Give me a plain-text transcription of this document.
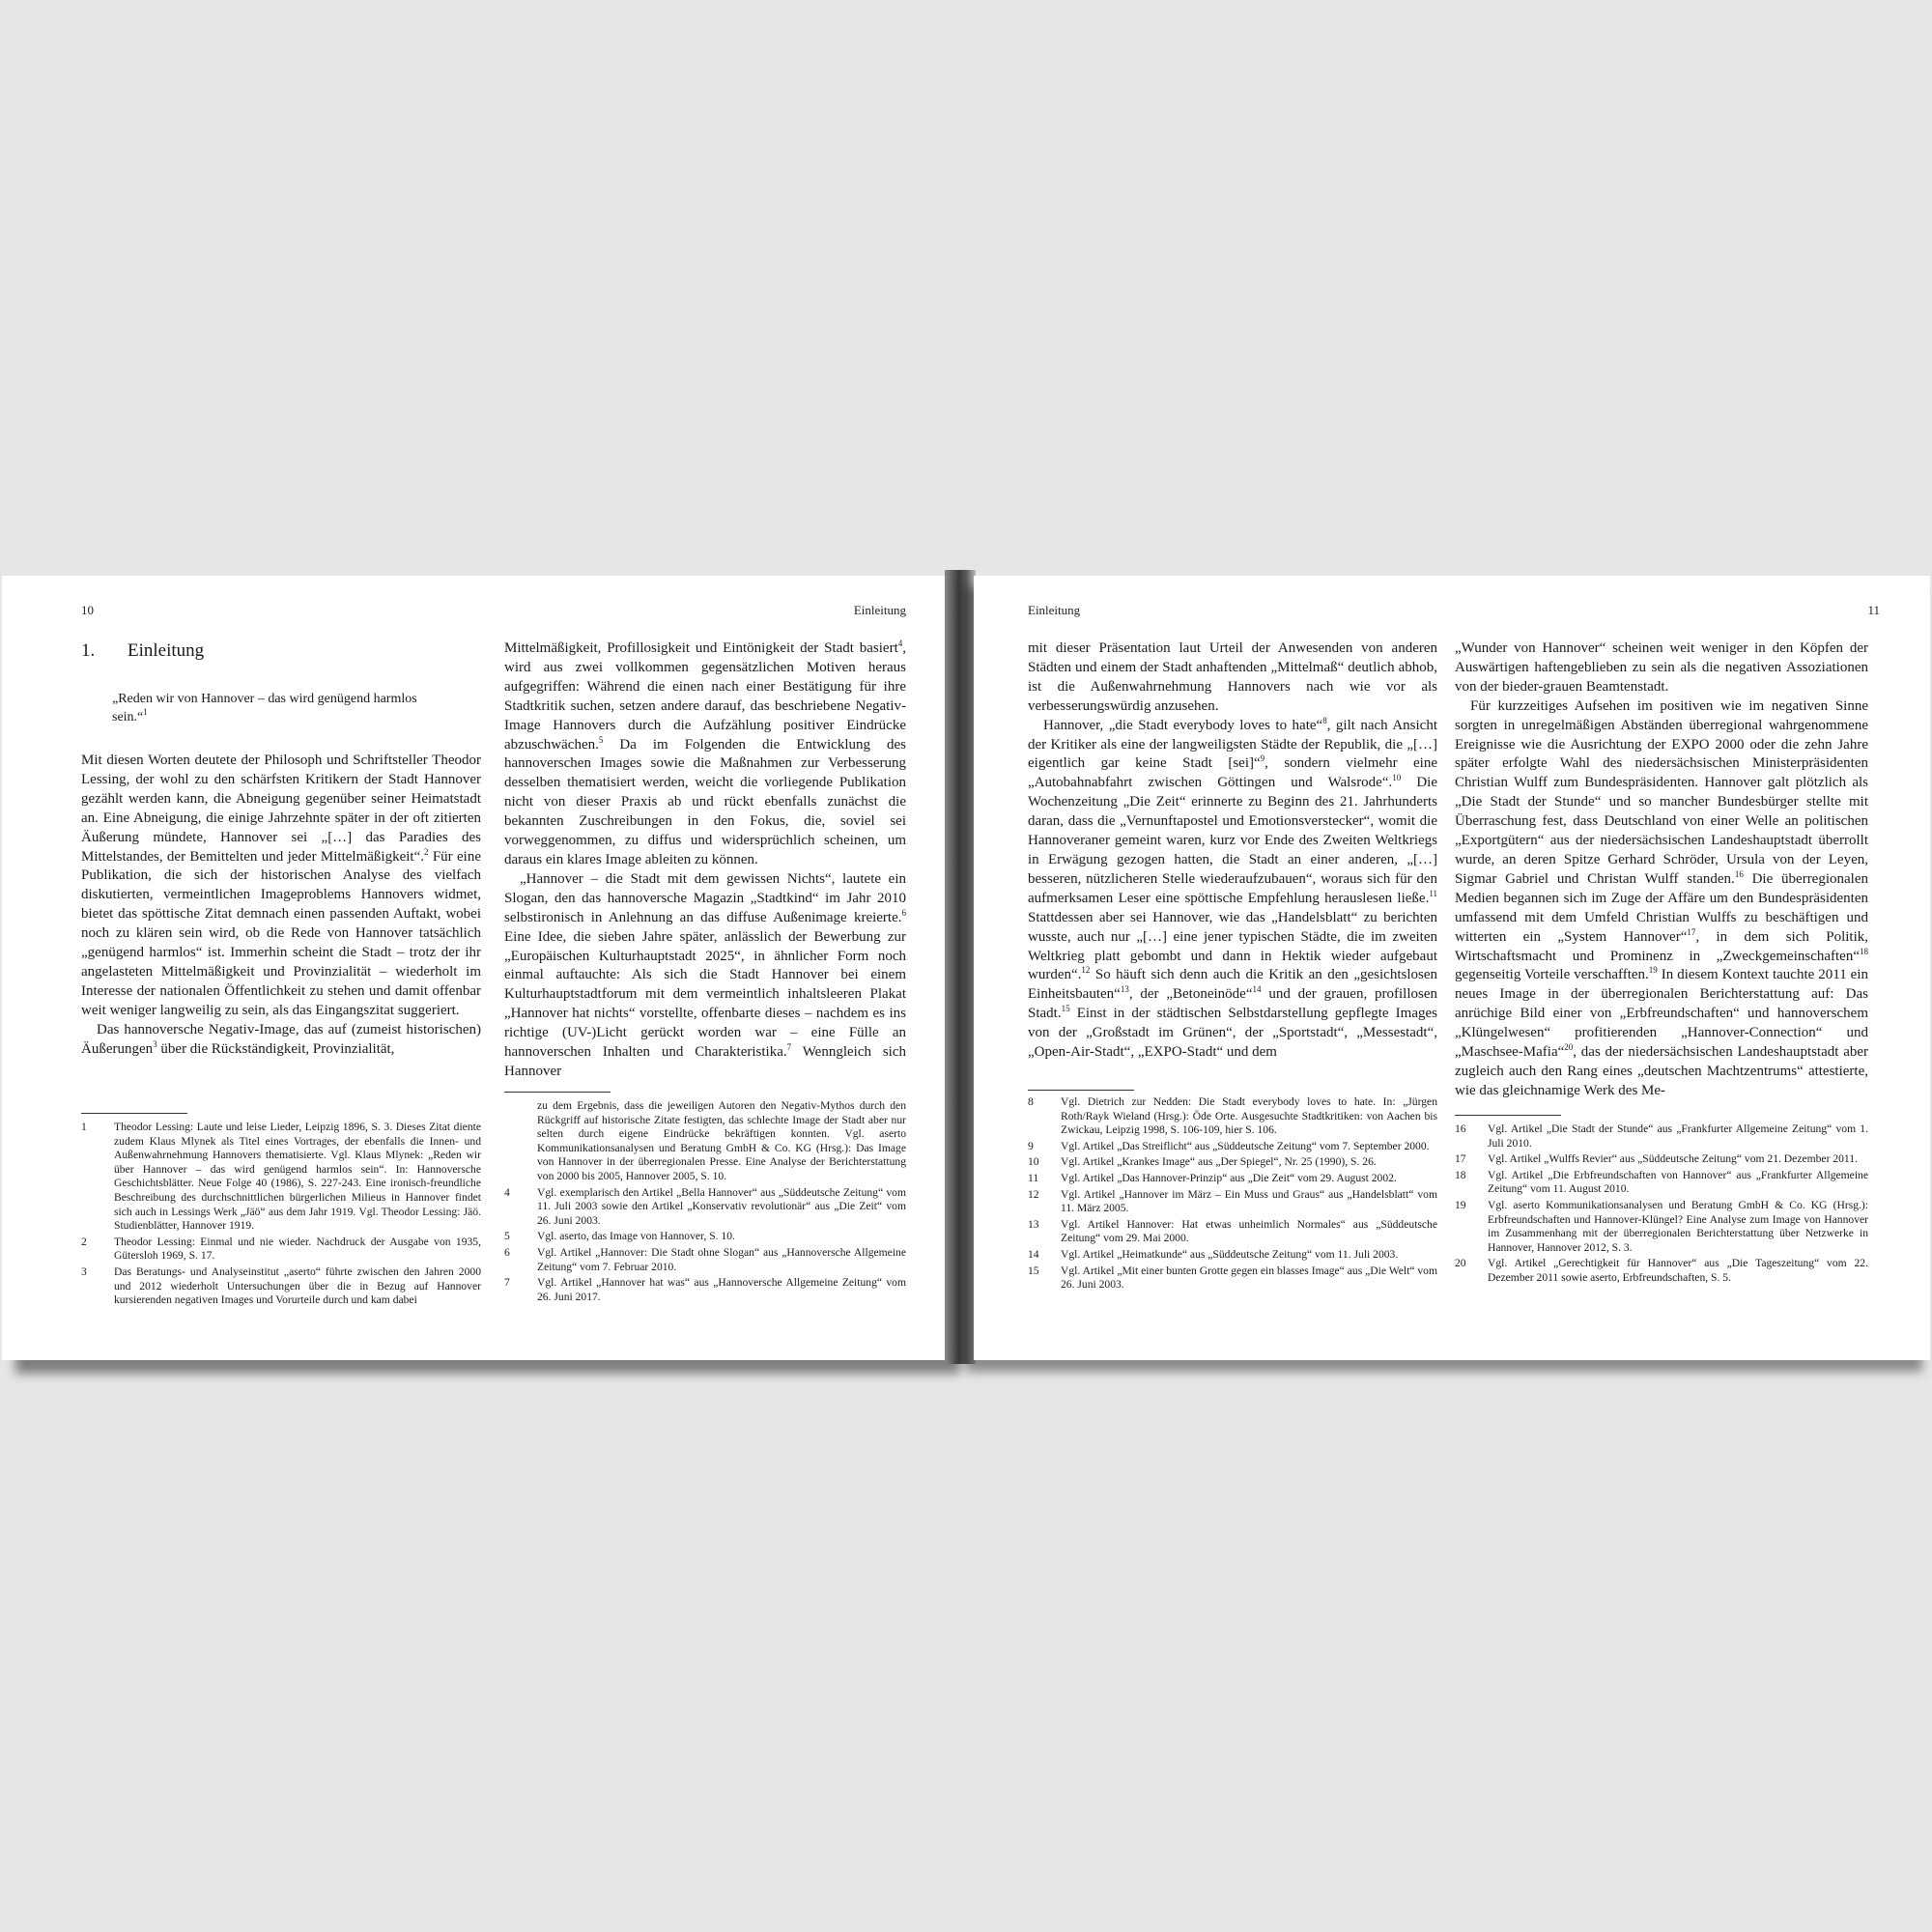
10	Einleitung
1. Einleitung
„Reden wir von Hannover – das wird genügend harmlos sein.“$^1$

Mit diesen Worten deutete der Philosoph und Schriftsteller Theodor Lessing, der wohl zu den schärfsten Kritikern der Stadt Hannover gezählt werden kann, die Abneigung gegenüber seiner Heimatstadt an. Eine Abneigung, die einige Jahrzehnte später in der oft zitierten Äußerung mündete, Hannover sei „[…] das Paradies des Mittelstandes, der Bemittelten und jeder Mittelmäßigkeit“.$^2$ Für eine Publikation, die sich der historischen Analyse des vielfach diskutierten, vermeintlichen Imageproblems Hannovers widmet, bietet das spöttische Zitat demnach einen passenden Auftakt, wobei noch zu klären sein wird, ob die Rede von Hannover tatsächlich „genügend harmlos“ ist. Immerhin scheint die Stadt – trotz der ihr angelasteten Mittelmäßigkeit und Provinzialität – wiederholt im Interesse der nationalen Öffentlichkeit zu stehen und damit offenbar weit weniger langweilig zu sein, als das Eingangszitat suggeriert.

Das hannoversche Negativ-Image, das auf (zumeist historischen) Äußerungen$^3$ über die Rückständigkeit, Provinzialität,

Mittelmäßigkeit, Profillosigkeit und Eintönigkeit der Stadt basiert$^4$, wird aus zwei vollkommen gegensätzlichen Motiven heraus aufgegriffen: Während die einen nach einer Bestätigung für ihre Stadtkritik suchen, setzen andere darauf, das beschriebene Negativ-Image Hannovers durch die Aufzählung positiver Eindrücke abzuschwächen.$^5$ Da im Folgenden die Entwicklung des hannoverschen Images sowie die Maßnahmen zur Verbesserung desselben thematisiert werden, weicht die vorliegende Publikation nicht von dieser Praxis ab und rückt ebenfalls zunächst die bekannten Zuschreibungen in den Fokus, die, soviel sei vorweggenommen, zu diffus und widersprüchlich scheinen, um daraus ein klares Image ableiten zu können.

„Hannover – die Stadt mit dem gewissen Nichts“, lautete ein Slogan, den das hannoversche Magazin „Stadtkind“ im Jahr 2010 selbstironisch in Anlehnung an das diffuse Außenimage kreierte.$^6$ Eine Idee, die sieben Jahre später, anlässlich der Bewerbung zur „Europäischen Kulturhauptstadt 2025“, in ähnlicher Form noch einmal auftauchte: Als sich die Stadt Hannover bei einem Kulturhauptstadtforum mit dem vermeintlich inhaltsleeren Plakat „Hannover hat nichts“ vorstellte, offenbarte dieses – nachdem es ins richtige (UV-)Licht gerückt worden war – eine Fülle an hannoverschen Inhalten und Charakteristika.$^7$ Wenngleich sich Hannover

1	Theodor Lessing: Laute und leise Lieder, Leipzig 1896, S. 3. Dieses Zitat diente zudem Klaus Mlynek als Titel eines Vortrages, der ebenfalls die Innen- und Außenwahrnehmung Hannovers thematisierte. Vgl. Klaus Mlynek: „Reden wir über Hannover – das wird genügend harmlos sein“. In: Hannoversche Geschichtsblätter. Neue Folge 40 (1986), S. 227-243. Eine ironisch-freundliche Beschreibung des durchschnittlichen bürgerlichen Milieus in Hannover findet sich auch in Lessings Werk „Jäö“ aus dem Jahr 1919. Vgl. Theodor Lessing: Jäö. Studienblätter, Hannover 1919.
2	Theodor Lessing: Einmal und nie wieder. Nachdruck der Ausgabe von 1935, Gütersloh 1969, S. 17.
3	Das Beratungs- und Analyseinstitut „aserto“ führte zwischen den Jahren 2000 und 2012 wiederholt Untersuchungen über die in Bezug auf Hannover kursierenden negativen Images und Vorurteile durch und kam dabei
zu dem Ergebnis, dass die jeweiligen Autoren den Negativ-Mythos durch den Rückgriff auf historische Zitate festigten, das schlechte Image der Stadt aber nur selten durch eigene Eindrücke bekräftigen konnten. Vgl. aserto Kommunikationsanalysen und Beratung GmbH & Co. KG (Hrsg.): Das Image von Hannover in der überregionalen Presse. Eine Analyse der Berichterstattung von 2000 bis 2005, Hannover 2005, S. 10.
4	Vgl. exemplarisch den Artikel „Bella Hannover“ aus „Süddeutsche Zeitung“ vom 11. Juli 2003 sowie den Artikel „Konservativ revolutionär“ aus „Die Zeit“ vom 26. Juni 2003.
5	Vgl. aserto, das Image von Hannover, S. 10.
6	Vgl. Artikel „Hannover: Die Stadt ohne Slogan“ aus „Hannoversche Allgemeine Zeitung“ vom 7. Februar 2010.
7	Vgl. Artikel „Hannover hat was“ aus „Hannoversche Allgemeine Zeitung“ vom 26. Juni 2017.
Einleitung	11

mit dieser Präsentation laut Urteil der Anwesenden von anderen Städten und einem der Stadt anhaftenden „Mittelmaß“ deutlich abhob, ist die Außenwahrnehmung Hannovers nach wie vor als verbesserungswürdig anzusehen.

Hannover, „die Stadt everybody loves to hate“$^8$, gilt nach Ansicht der Kritiker als eine der langweiligsten Städte der Republik, die „[…] eigentlich gar keine Stadt [sei]“$^9$, sondern vielmehr eine „Autobahnabfahrt zwischen Göttingen und Walsrode“.$^{10}$ Die Wochenzeitung „Die Zeit“ erinnerte zu Beginn des 21. Jahrhunderts daran, dass die „Vernunftapostel und Emotionsverstecker“, womit die Hannoveraner gemeint waren, kurz vor Ende des Zweiten Weltkriegs in Erwägung gezogen hatten, die Stadt an einer anderen, „[…] besseren, nützlicheren Stelle wiederaufzubauen“, woraus sich für den aufmerksamen Leser eine spöttische Empfehlung herauslesen ließe.$^{11}$ Stattdessen aber sei Hannover, wie das „Handelsblatt“ zu berichten wusste, auch nur „[…] eine jener typischen Städte, die im zweiten Weltkrieg platt gebombt und dann in Hektik wieder aufgebaut wurden“.$^{12}$ So häuft sich denn auch die Kritik an den „gesichtslosen Einheitsbauten“$^{13}$, der „Betoneinöde“$^{14}$ und der grauen, profillosen Stadt.$^{15}$ Einst in der städtischen Selbstdarstellung gepflegte Images von der „Großstadt im Grünen“, der „Sportstadt“, „Messestadt“, „Open-Air-Stadt“, „EXPO-Stadt“ und dem

„Wunder von Hannover“ scheinen weit weniger in den Köpfen der Auswärtigen haftengeblieben zu sein als die negativen Assoziationen von der bieder-grauen Beamtenstadt.

Für kurzzeitiges Aufsehen im positiven wie im negativen Sinne sorgten in unregelmäßigen Abständen überregional wahrgenommene Ereignisse wie die Ausrichtung der EXPO 2000 oder die zehn Jahre später erfolgte Wahl des niedersächsischen Ministerpräsidenten Christian Wulff zum Bundespräsidenten. Hannover galt plötzlich als „Die Stadt der Stunde“ und so mancher Bundesbürger stellte mit Überraschung fest, dass Deutschland von einer Welle an politischen „Exportgütern“ aus der niedersächsischen Landeshauptstadt überrollt wurde, an deren Spitze Gerhard Schröder, Ursula von der Leyen, Sigmar Gabriel und Christan Wulff standen.$^{16}$ Die überregionalen Medien begannen sich im Zuge der Affäre um den Bundespräsidenten umfassend mit dem Umfeld Christian Wulffs zu beschäftigen und witterten ein „System Hannover“$^{17}$, in dem sich Politik, Wirtschaftsmacht und Prominenz in „Zweckgemeinschaften“$^{18}$ gegenseitig Vorteile verschafften.$^{19}$ In diesem Kontext tauchte 2011 ein neues Image in der überregionalen Berichterstattung auf: Das anrüchige Bild einer von „Erbfreundschaften“ und hannoverschem „Klüngelwesen“ profitierenden „Hannover-Connection“ und „Maschsee-Mafia“$^{20}$, das der niedersächsischen Landeshauptstadt aber zugleich auch den Rang eines „deutschen Machtzentrums“ attestierte, wie das gleichnamige Werk des Me-

8	Vgl. Dietrich zur Nedden: Die Stadt everybody loves to hate. In: „Jürgen Roth/Rayk Wieland (Hrsg.): Öde Orte. Ausgesuchte Stadtkritiken: von Aachen bis Zwickau, Leipzig 1998, S. 106-109, hier S. 106.
9	Vgl. Artikel „Das Streiflicht“ aus „Süddeutsche Zeitung“ vom 7. September 2000.
10	Vgl. Artikel „Krankes Image“ aus „Der Spiegel“, Nr. 25 (1990), S. 26.
11	Vgl. Artikel „Das Hannover-Prinzip“ aus „Die Zeit“ vom 29. August 2002.
12	Vgl. Artikel „Hannover im März – Ein Muss und Graus“ aus „Handelsblatt“ vom 11. März 2005.
13	Vgl. Artikel Hannover: Hat etwas unheimlich Normales“ aus „Süddeutsche Zeitung“ vom 29. Mai 2000.
14	Vgl. Artikel „Heimatkunde“ aus „Süddeutsche Zeitung“ vom 11. Juli 2003.
15	Vgl. Artikel „Mit einer bunten Grotte gegen ein blasses Image“ aus „Die Welt“ vom 26. Juni 2003.
16	Vgl. Artikel „Die Stadt der Stunde“ aus „Frankfurter Allgemeine Zeitung“ vom 1. Juli 2010.
17	Vgl. Artikel „Wulffs Revier“ aus „Süddeutsche Zeitung“ vom 21. Dezember 2011.
18	Vgl. Artikel „Die Erbfreundschaften von Hannover“ aus „Frankfurter Allgemeine Zeitung“ vom 11. August 2010.
19	Vgl. aserto Kommunikationsanalysen und Beratung GmbH & Co. KG (Hrsg.): Erbfreundschaften und Hannover-Klüngel? Eine Analyse zum Image von Hannover im Zusammenhang mit der überregionalen Berichterstattung über Netzwerke in Hannover, Hannover 2012, S. 3.
20	Vgl. Artikel „Gerechtigkeit für Hannover“ aus „Die Tageszeitung“ vom 22. Dezember 2011 sowie aserto, Erbfreundschaften, S. 5.
